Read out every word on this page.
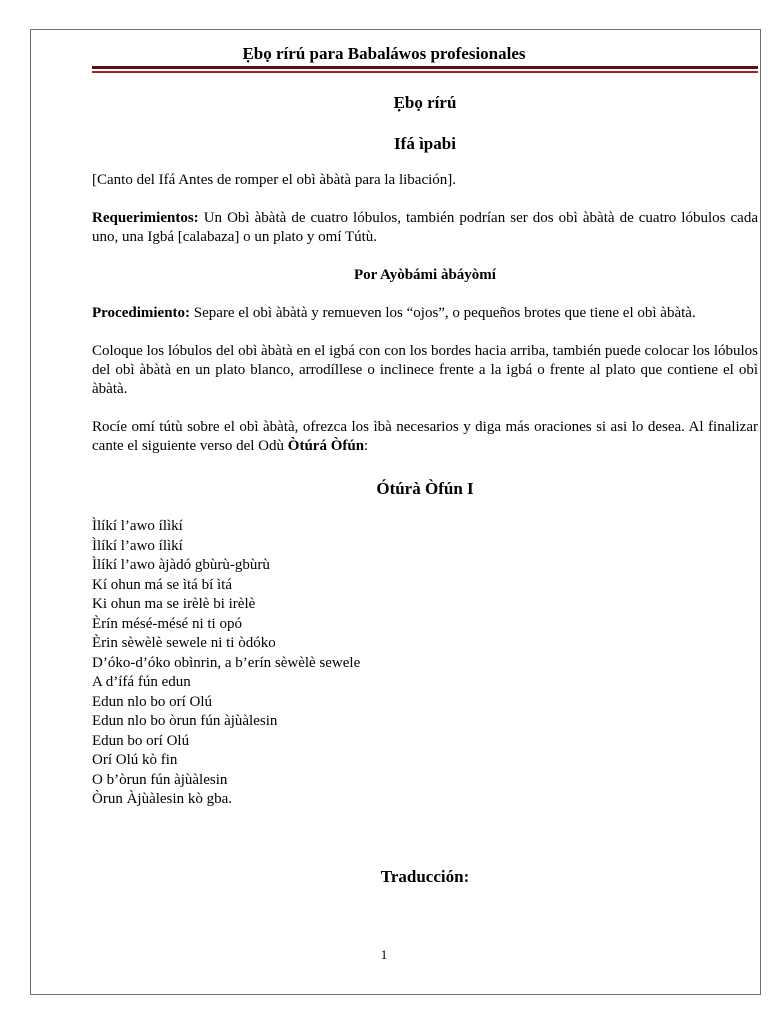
Ẹbọ rírú para Babaláwos profesionales
Ẹbọ rírú
Ifá ìpabi

[Canto del Ifá Antes de romper el obì àbàtà para la libación].

Requerimientos: Un Obì àbàtà de cuatro lóbulos, también podrían ser dos obì àbàtà de cuatro lóbulos cada uno, una Igbá [calabaza] o un plato y omí Tútù.

Por Ayòbámi àbáyòmí

Procedimiento: Separe el obì àbàtà y remueven los “ojos”, o pequeños brotes que tiene el obì àbàtà.

Coloque los lóbulos del obì àbàtà en el igbá con con los bordes hacia arriba, también puede colocar los lóbulos del obì àbàtà en un plato blanco, arrodíllese o inclinece frente a la igbá o frente al plato que contiene el obì àbàtà.

Rocíe omí tútù sobre el obì àbàtà, ofrezca los ìbà necesarios y diga más oraciones si asi lo desea. Al finalizar cante el siguiente verso del Odù Òtúrá Òfún:

Ótúrà Òfún I
Ìlíkí l’awo ílìkí
Ìlíkí l’awo ílìkí
Ìlíkí l’awo àjàdó gbùrù-gbùrù
Kí ohun má se ìtá bí ìtá
Ki ohun ma se irèlè bi irèlè
Èrín mésé-mésé ni ti opó
Èrin sèwèlè sewele ni ti òdóko
D’óko-d’óko obìnrin, a b’erín sèwèlè sewele
A d’ífá fún edun
Edun nlo bo orí Olú
Edun nlo bo òrun fún àjùàlesin
Edun bo orí Olú
Orí Olú kò fin
O b’òrun fún àjùàlesin
Òrun Àjùàlesin kò gba.
Traducción:
1
